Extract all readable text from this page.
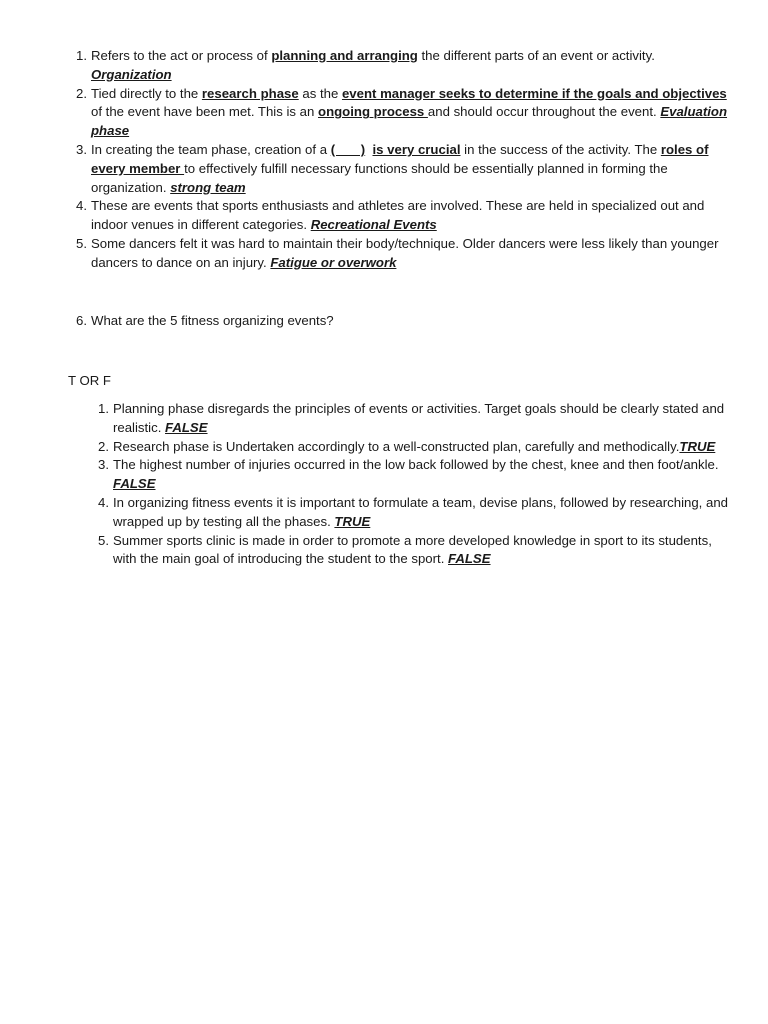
1. Refers to the act or process of planning and arranging the different parts of an event or activity. Organization
2. Tied directly to the research phase as the event manager seeks to determine if the goals and objectives of the event have been met. This is an ongoing process and should occur throughout the event. Evaluation phase
3. In creating the team phase, creation of a (       ) is very crucial in the success of the activity. The roles of every member to effectively fulfill necessary functions should be essentially planned in forming the organization. strong team
4. These are events that sports enthusiasts and athletes are involved. These are held in specialized out and indoor venues in different categories. Recreational Events
5. Some dancers felt it was hard to maintain their body/technique. Older dancers were less likely than younger dancers to dance on an injury. Fatigue or overwork
6. What are the 5 fitness organizing events?
T OR F
1. Planning phase disregards the principles of events or activities. Target goals should be clearly stated and realistic. FALSE
2. Research phase is Undertaken accordingly to a well-constructed plan, carefully and methodically.TRUE
3. The highest number of injuries occurred in the low back followed by the chest, knee and then foot/ankle. FALSE
4. In organizing fitness events it is important to formulate a team, devise plans, followed by researching, and wrapped up by testing all the phases. TRUE
5. Summer sports clinic is made in order to promote a more developed knowledge in sport to its students, with the main goal of introducing the student to the sport. FALSE
